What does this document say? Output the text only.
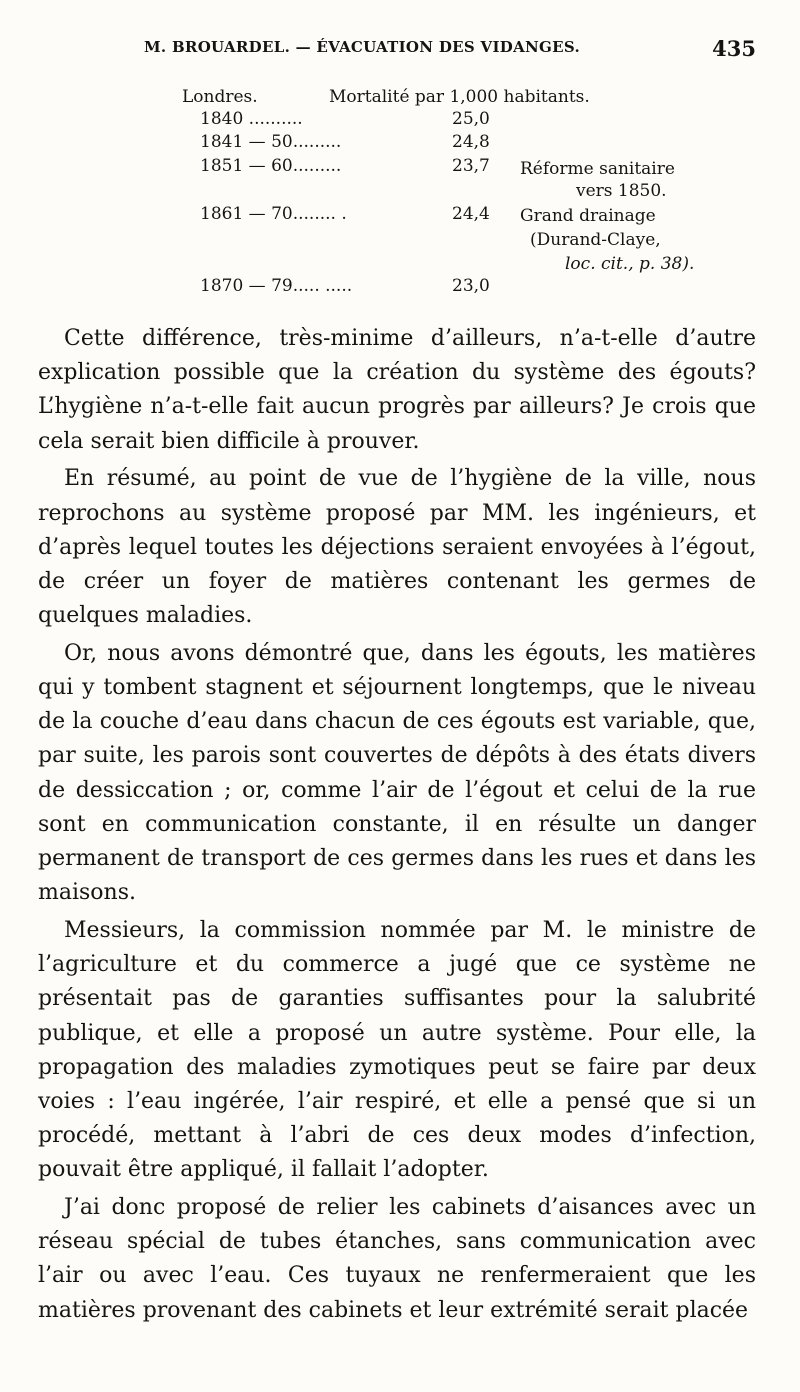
M. BROUARDEL. — ÉVACUATION DES VIDANGES.	435
Londres.	Mortalité par 1,000 habitants.
1840 ..........	25,0
1841 — 50.........	24,8
1851 — 60.........	23,7 Réforme sanitaire
vers 1850.
1861 — 70........ .	24,4 Grand drainage
(Durand-Claye,
loc. cit., p. 38).
1870 — 79..... .....	23,0

Cette différence, très-minime d’ailleurs, n’a-t-elle d’autre explication possible que la création du système des égouts? L’hygiène n’a-t-elle fait aucun progrès par ailleurs? Je crois que cela serait bien difficile à prouver.

En résumé, au point de vue de l’hygiène de la ville, nous reprochons au système proposé par MM. les ingénieurs, et d’après lequel toutes les déjections seraient envoyées à l’égout, de créer un foyer de matières contenant les germes de quelques maladies.

Or, nous avons démontré que, dans les égouts, les matières qui y tombent stagnent et séjournent longtemps, que le niveau de la couche d’eau dans chacun de ces égouts est variable, que, par suite, les parois sont couvertes de dépôts à des états divers de dessiccation ; or, comme l’air de l’égout et celui de la rue sont en communication constante, il en résulte un danger permanent de transport de ces germes dans les rues et dans les maisons.

Messieurs, la commission nommée par M. le ministre de l’agriculture et du commerce a jugé que ce système ne présentait pas de garanties suffisantes pour la salubrité publique, et elle a proposé un autre système. Pour elle, la propagation des maladies zymotiques peut se faire par deux voies : l’eau ingérée, l’air respiré, et elle a pensé que si un procédé, mettant à l’abri de ces deux modes d’infection, pouvait être appliqué, il fallait l’adopter.

J’ai donc proposé de relier les cabinets d’aisances avec un réseau spécial de tubes étanches, sans communication avec l’air ou avec l’eau. Ces tuyaux ne renfermeraient que les matières provenant des cabinets et leur extrémité serait placée
